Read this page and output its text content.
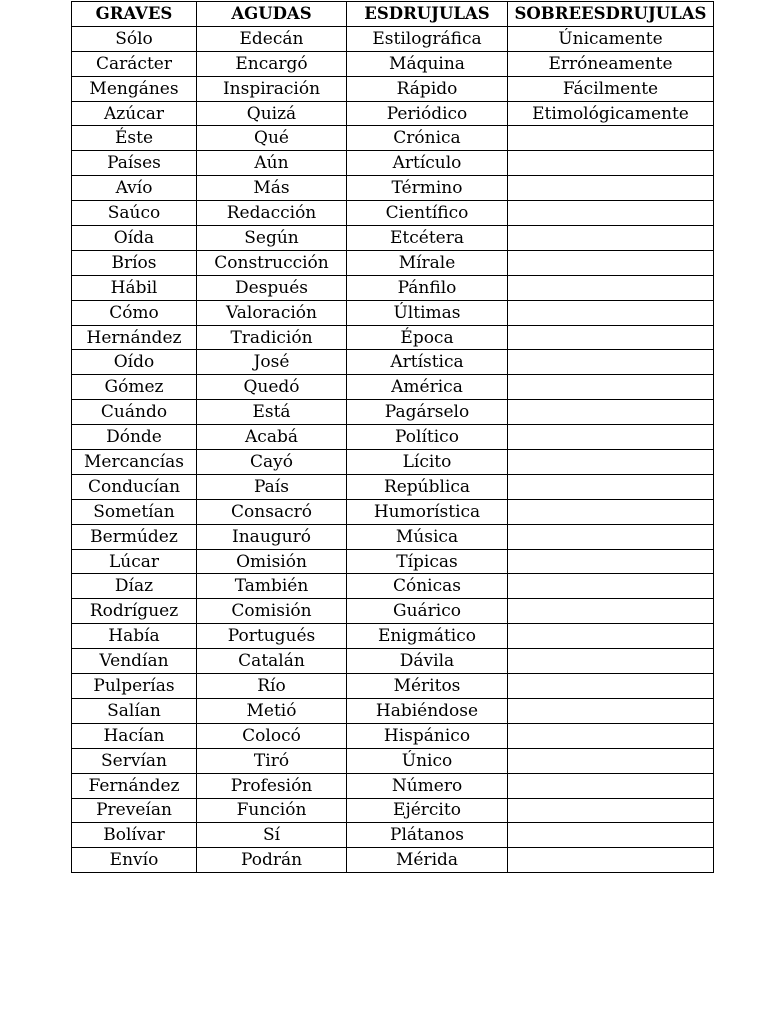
GRAVES	AGUDAS	ESDRUJULAS	SOBREESDRUJULAS
Sólo	Edecán	Estilográfica	Únicamente
Carácter	Encargó	Máquina	Erróneamente
Mengánes	Inspiración	Rápido	Fácilmente
Azúcar	Quizá	Periódico	Etimológicamente
Éste	Qué	Crónica	
Países	Aún	Artículo	
Avío	Más	Término	
Saúco	Redacción	Científico	
Oída	Según	Etcétera	
Bríos	Construcción	Mírale	
Hábil	Después	Pánfilo	
Cómo	Valoración	Últimas	
Hernández	Tradición	Época	
Oído	José	Artística	
Gómez	Quedó	América	
Cuándo	Está	Pagárselo	
Dónde	Acabá	Político	
Mercancías	Cayó	Lícito	
Conducían	País	República	
Sometían	Consacró	Humorística	
Bermúdez	Inauguró	Música	
Lúcar	Omisión	Típicas	
Díaz	También	Cónicas	
Rodríguez	Comisión	Guárico	
Había	Portugués	Enigmático	
Vendían	Catalán	Dávila	
Pulperías	Río	Méritos	
Salían	Metió	Habiéndose	
Hacían	Colocó	Hispánico	
Servían	Tiró	Único	
Fernández	Profesión	Número	
Preveían	Función	Ejército	
Bolívar	Sí	Plátanos	
Envío	Podrán	Mérida	
